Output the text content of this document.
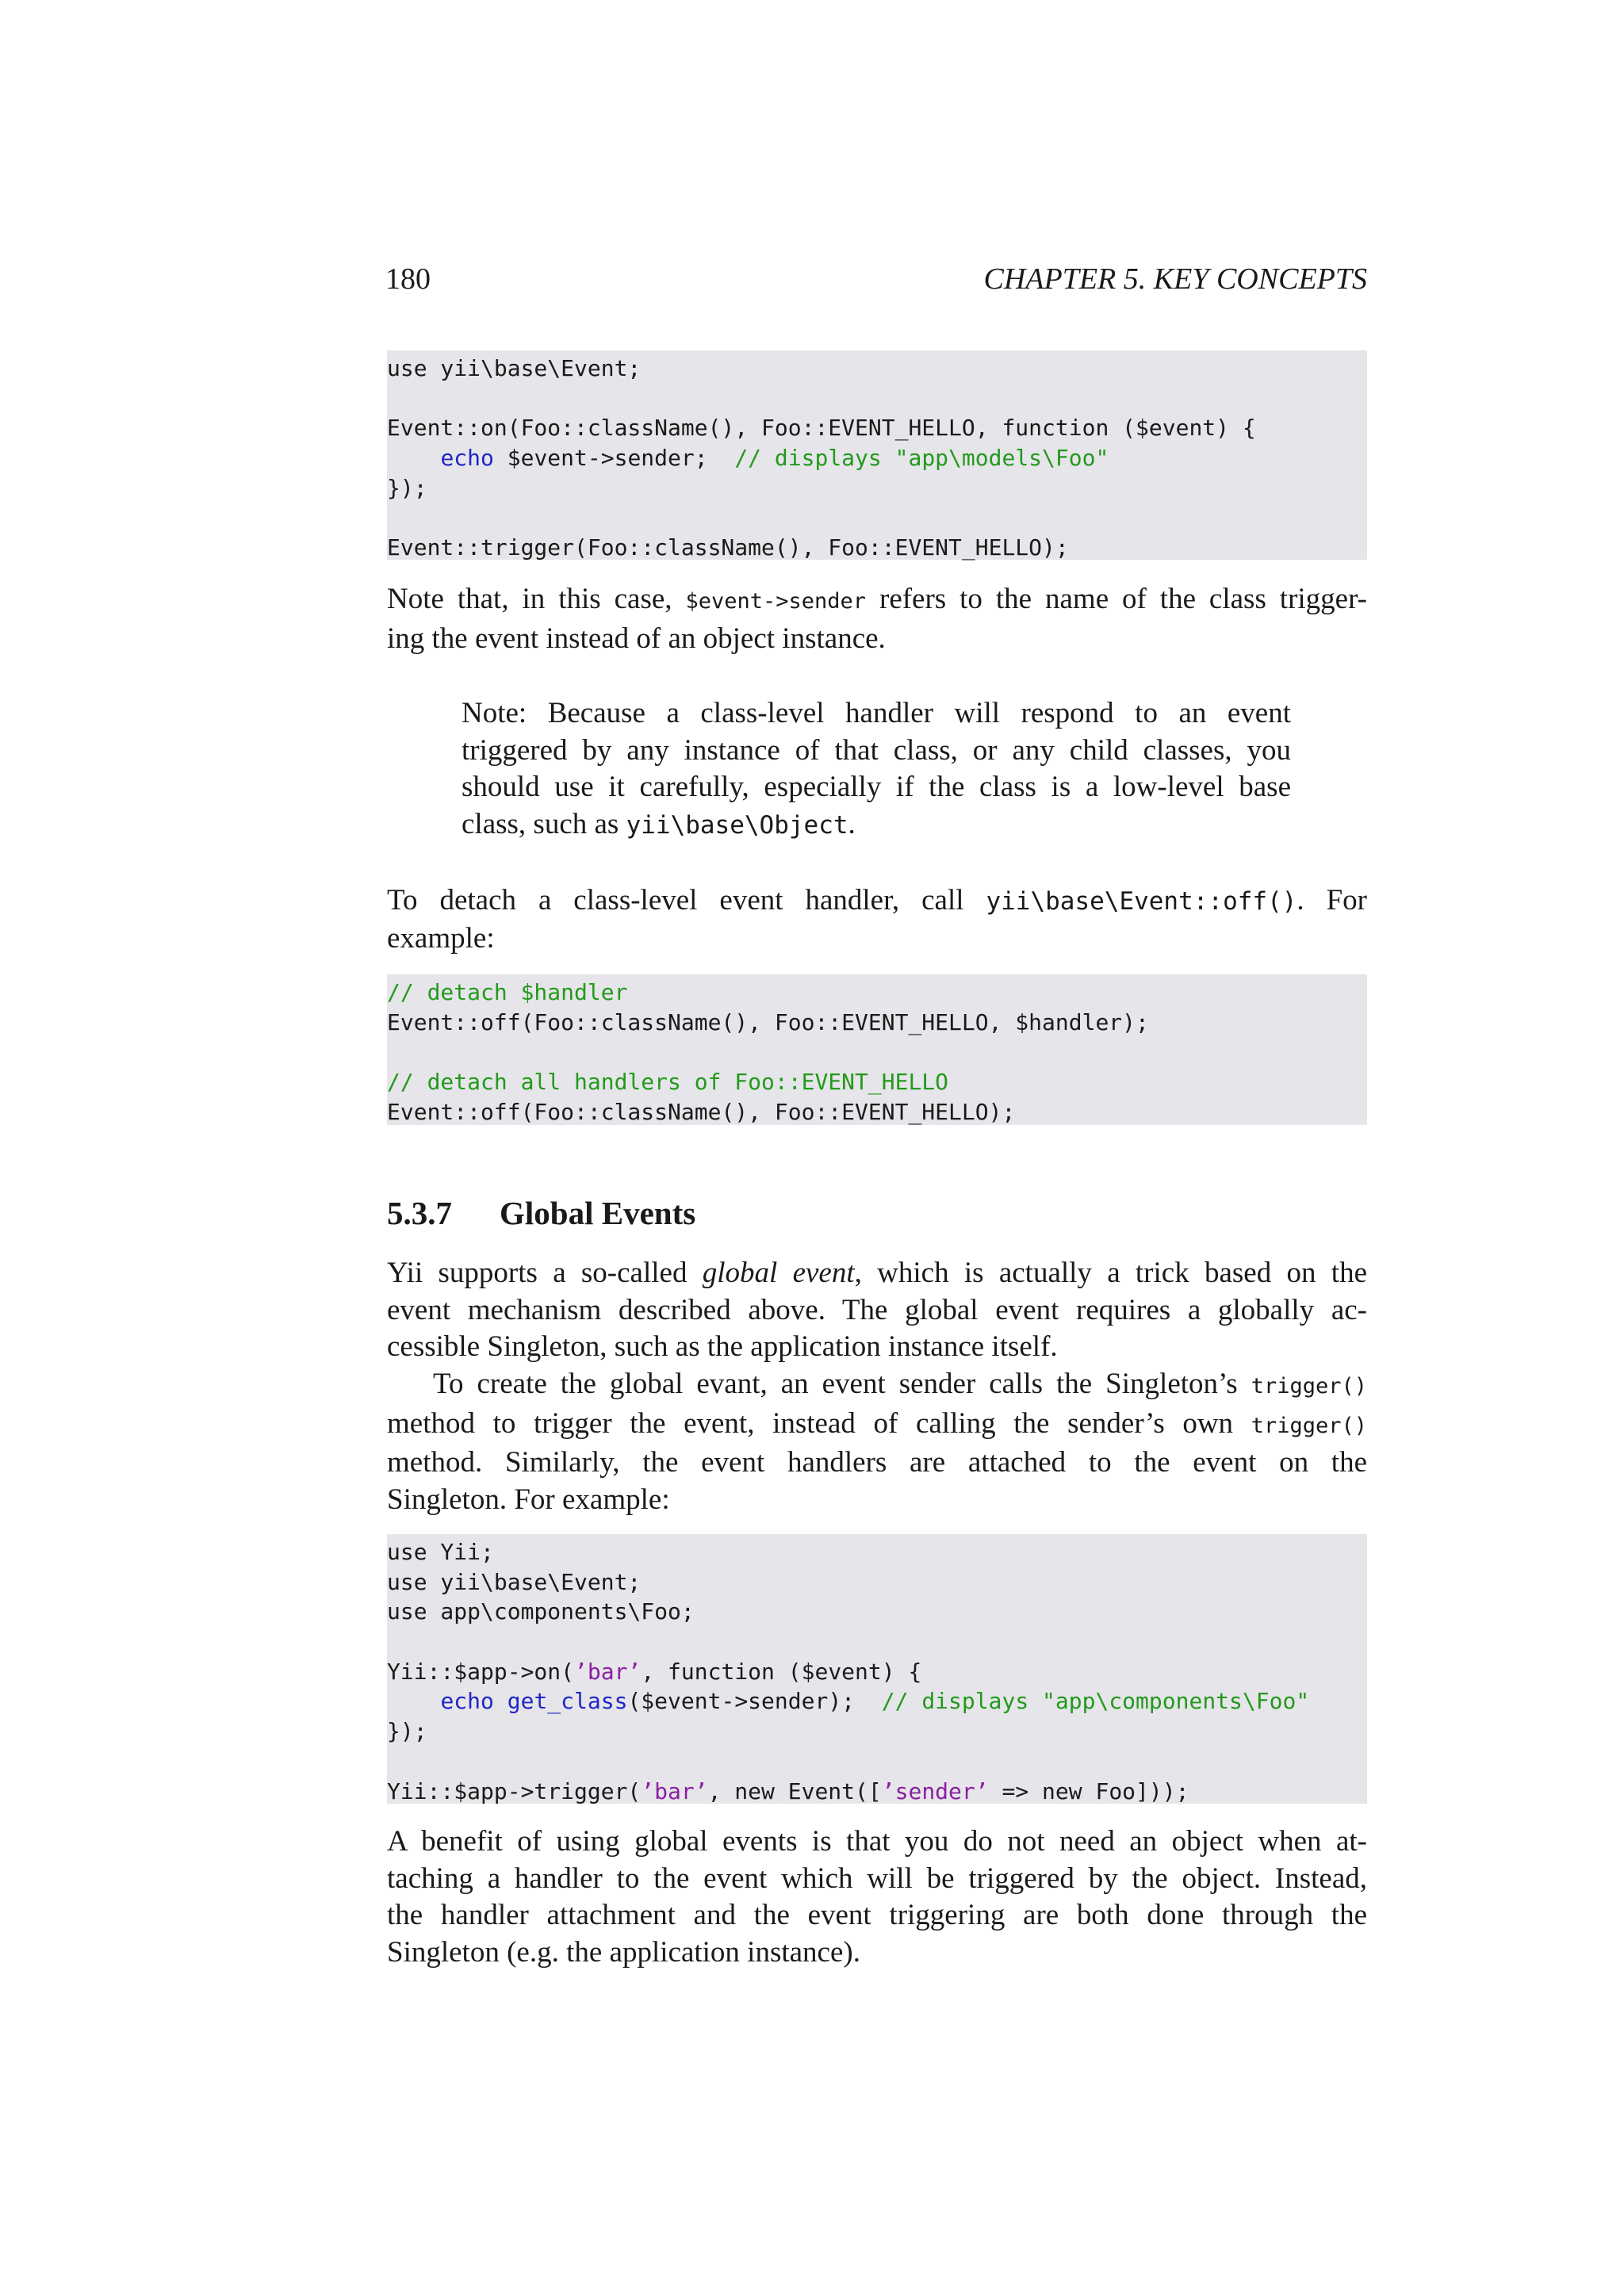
180	CHAPTER 5. KEY CONCEPTS
use yii\base\Event;
Event::on(Foo::className(), Foo::EVENT_HELLO, function ($event) {
echo $event->sender;  // displays "app\models\Foo"
});
Event::trigger(Foo::className(), Foo::EVENT_HELLO);
Note that, in this case, $event->sender refers to the name of the class trigger-
ing the event instead of an object instance.
Note: Because a class-level handler will respond to an event
triggered by any instance of that class, or any child classes, you
should use it carefully, especially if the class is a low-level base
class, such as yii\base\Object.
To detach a class-level event handler, call yii\base\Event::off(). For
example:
// detach $handler
Event::off(Foo::className(), Foo::EVENT_HELLO, $handler);
// detach all handlers of Foo::EVENT_HELLO
Event::off(Foo::className(), Foo::EVENT_HELLO);
5.3.7 Global Events
Yii supports a so-called global event, which is actually a trick based on the
event mechanism described above. The global event requires a globally ac-
cessible Singleton, such as the application instance itself.
To create the global evant, an event sender calls the Singleton’s trigger()
method to trigger the event, instead of calling the sender’s own trigger()
method. Similarly, the event handlers are attached to the event on the
Singleton. For example:
use Yii;
use yii\base\Event;
use app\components\Foo;
Yii::$app->on(’bar’, function ($event) {
echo get_class($event->sender);  // displays "app\components\Foo"
});
Yii::$app->trigger(’bar’, new Event([’sender’ => new Foo]));
A benefit of using global events is that you do not need an object when at-
taching a handler to the event which will be triggered by the object. Instead,
the handler attachment and the event triggering are both done through the
Singleton (e.g. the application instance).
